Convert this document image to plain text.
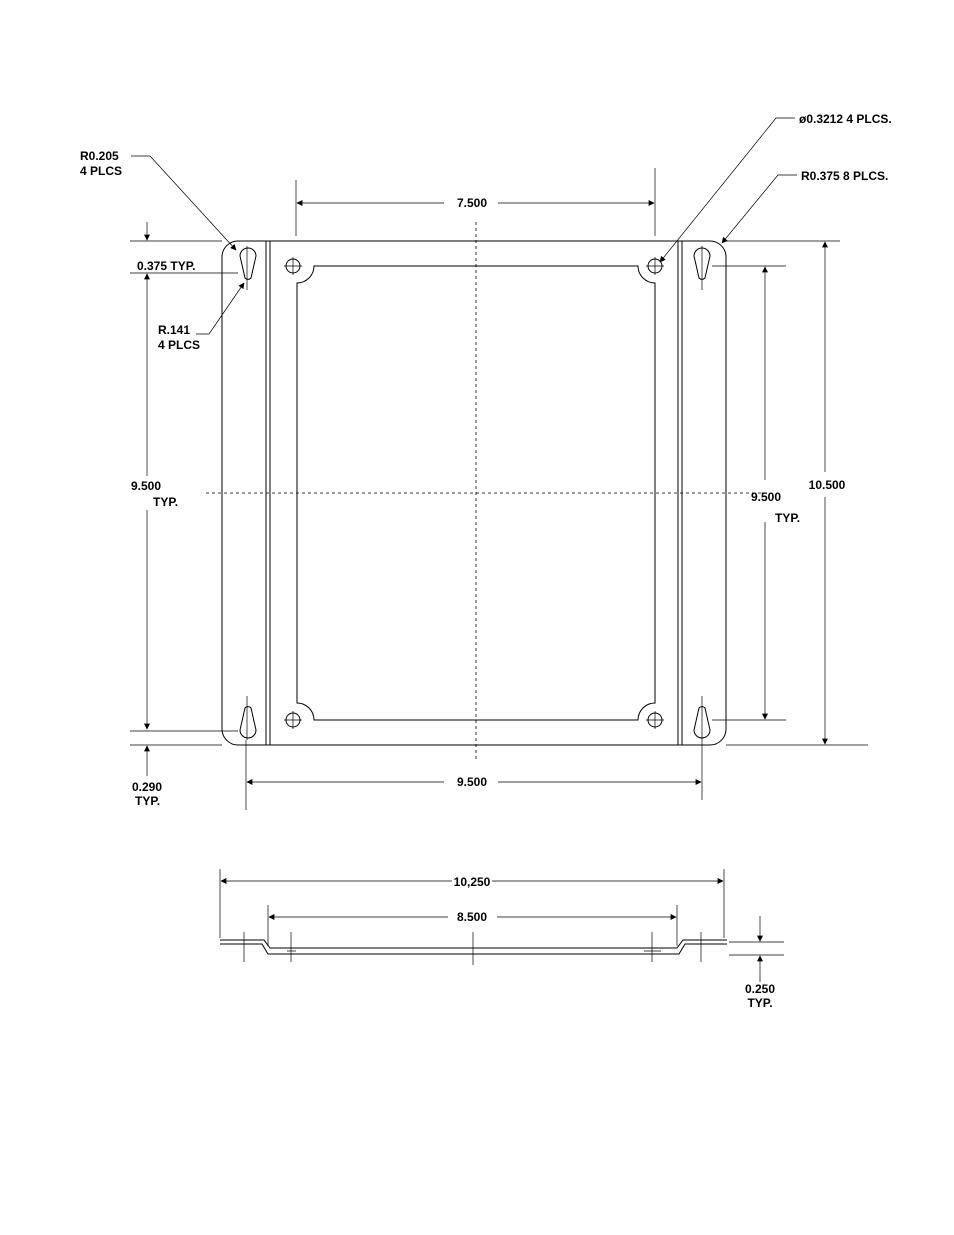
7.500
R0.205
4 PLCS
ø0.3212 4 PLCS.
R0.375 8 PLCS.
0.375 TYP.
R.141
4 PLCS
9.500
TYP.
0.290
TYP.
9.500
9.500
TYP.
10.500
10,250
8.500
0.250
TYP.
